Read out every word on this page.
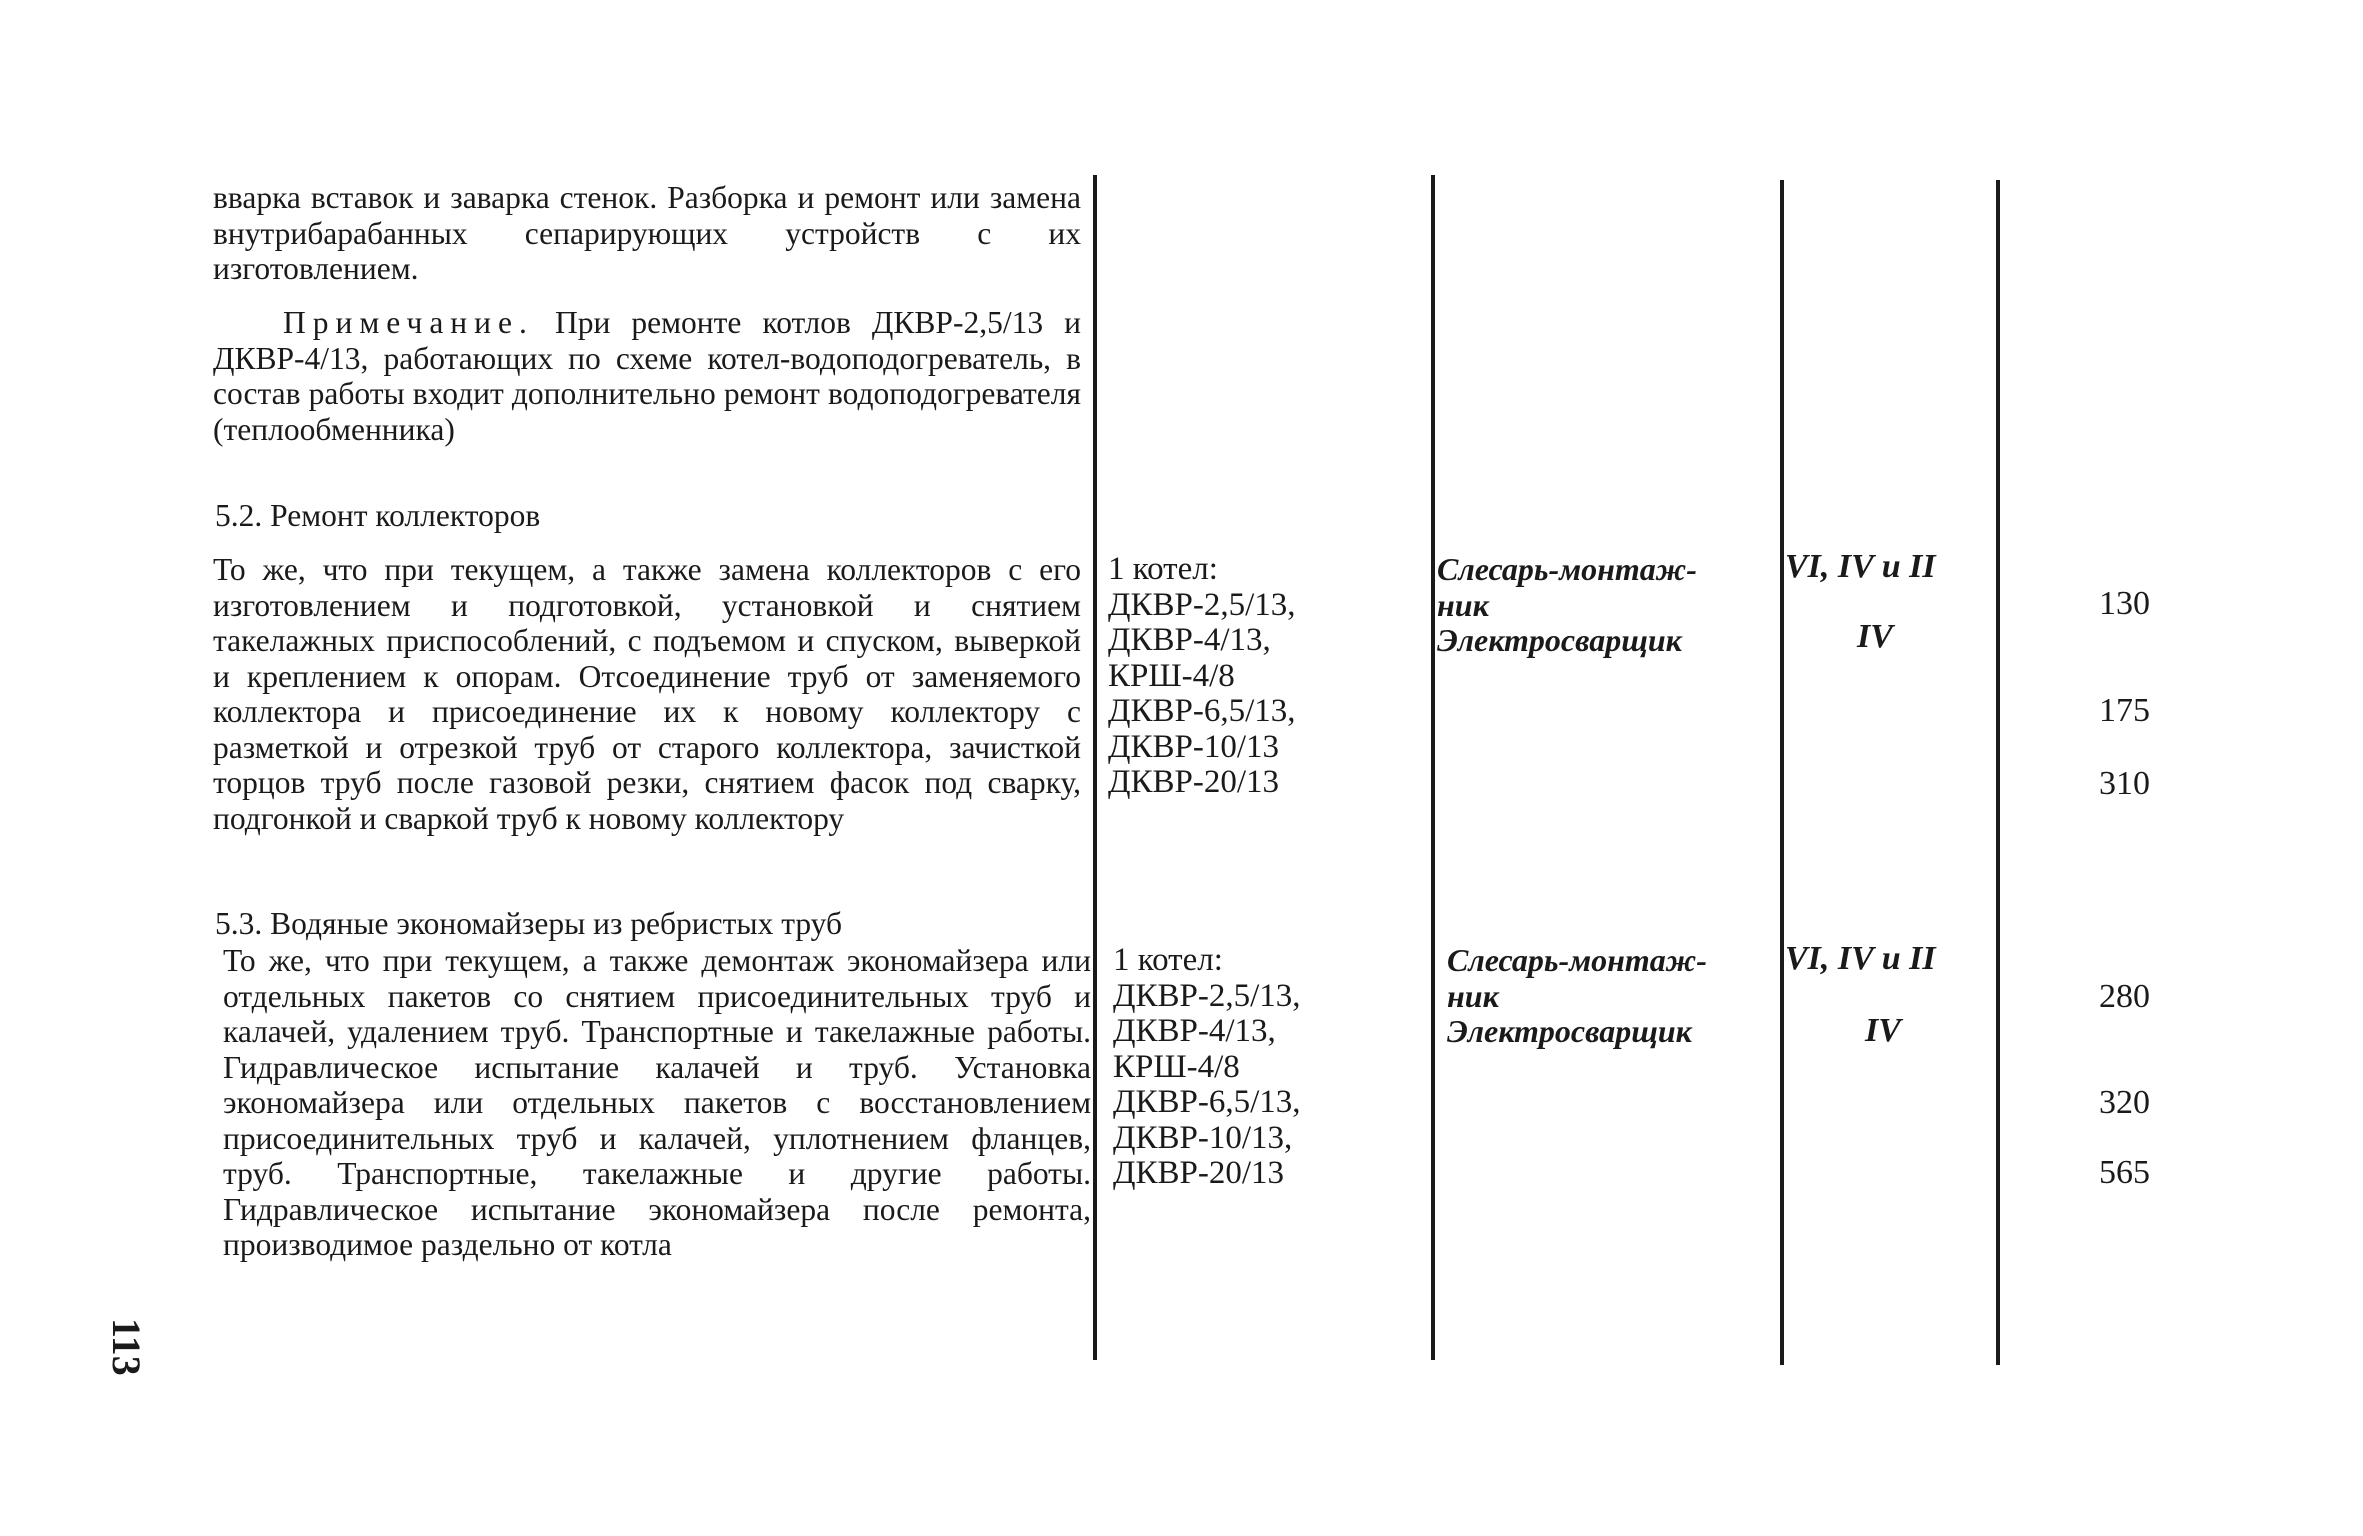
вварка вставок и заварка стенок. Разборка и ремонт или замена внутрибарабанных сепарирующих устройств с их изготовлением.

Примечание. При ремонте котлов ДКВР-2,5/13 и ДКВР-4/13, работающих по схеме котел-водоподогреватель, в состав работы входит дополнительно ремонт водоподогревателя (теплообменника)

5.2. Ремонт коллекторов

То же, что при текущем, а также замена коллекторов с его изготовлением и подготовкой, установкой и снятием такелажных приспособлений, с подъемом и спуском, выверкой и креплением к опорам. Отсоединение труб от заменяемого коллектора и присоединение их к новому коллектору с разметкой и отрезкой труб от старого коллектора, зачисткой торцов труб после газовой резки, снятием фасок под сварку, подгонкой и сваркой труб к новому коллектору

1 котел:
ДКВР-2,5/13,
ДКВР-4/13,
КРШ-4/8
ДКВР-6,5/13,
ДКВР-10/13
ДКВР-20/13
Слесарь-монтаж-
ник
Электросварщик
VI, IV и II
IV
130
175
310
5.3. Водяные экономайзеры из ребристых труб

То же, что при текущем, а также демонтаж экономайзера или отдельных пакетов со снятием присоединительных труб и калачей, удалением труб. Транспортные и такелажные работы. Гидравлическое испытание калачей и труб. Установка экономайзера или отдельных пакетов с восстановлением присоединительных труб и калачей, уплотнением фланцев, труб. Транспортные, такелажные и другие работы. Гидравлическое испытание экономайзера после ремонта, производимое раздельно от котла

1 котел:
ДКВР-2,5/13,
ДКВР-4/13,
КРШ-4/8
ДКВР-6,5/13,
ДКВР-10/13,
ДКВР-20/13
Слесарь-монтаж-
ник
Электросварщик
VI, IV и II
IV
280
320
565
113
